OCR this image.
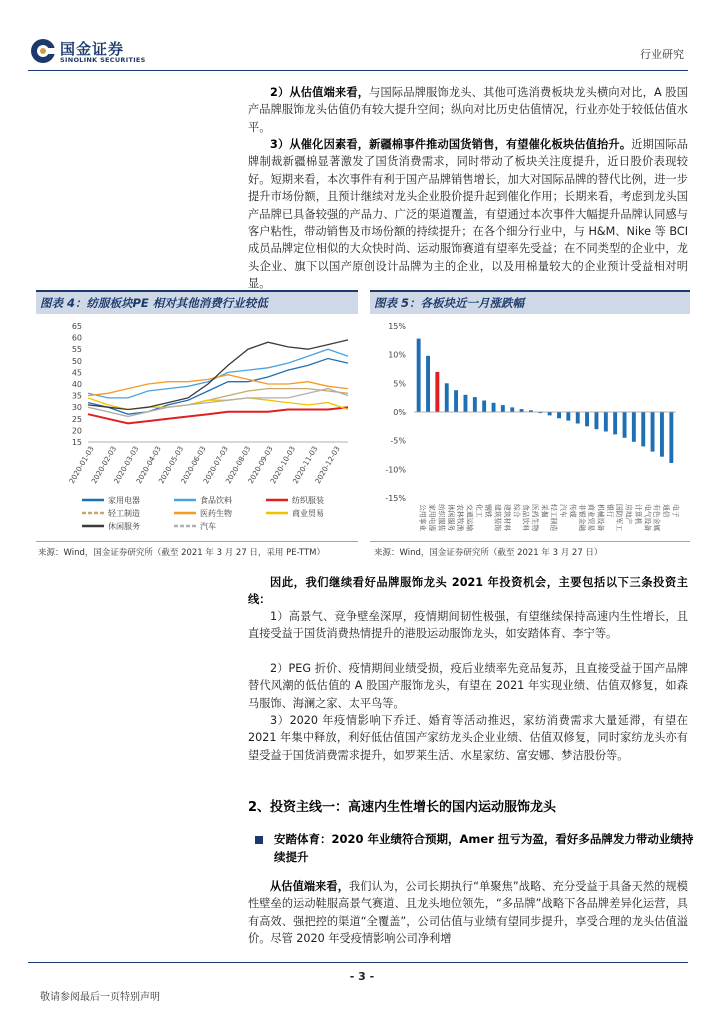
国金证券
SINOLINK SECURITIES	行业研究

2）从估值端来看，与国际品牌服饰龙头、其他可选消费板块龙头横向对比，A 股国产品牌服饰龙头估值仍有较大提升空间；纵向对比历史估值情况，行业亦处于较低估值水平。

3）从催化因素看，新疆棉事件推动国货销售，有望催化板块估值抬升。近期国际品牌制裁新疆棉显著激发了国货消费需求，同时带动了板块关注度提升，近日股价表现较好。短期来看，本次事件有利于国产品牌销售增长，加大对国际品牌的替代比例，进一步提升市场份额，且预计继续对龙头企业股价提升起到催化作用；长期来看，考虑到龙头国产品牌已具备较强的产品力、广泛的渠道覆盖，有望通过本次事件大幅提升品牌认同感与客户粘性，带动销售及市场份额的持续提升；在各个细分行业中，与 H&M、Nike 等 BCI 成员品牌定位相似的大众快时尚、运动服饰赛道有望率先受益；在不同类型的企业中，龙头企业、旗下以国产原创设计品牌为主的企业，以及用棉量较大的企业预计受益相对明显。

图表 4：纺服板块PE 相对其他消费行业较低
15
20
25
30
35
40
45
50
55
60
65
2020-01-03
2020-02-03
2020-03-03
2020-04-03
2020-05-03
2020-06-03
2020-07-03
2020-08-03
2020-09-03
2020-10-03
2020-11-03
2020-12-03
家用电器	食品饮料	纺织服装
轻工制造	医药生物	商业贸易
休闲服务	汽车
来源：Wind，国金证券研究所（截至 2021 年 3 月 27 日，采用 PE-TTM）
图表 5：各板块近一月涨跌幅
15%
10%
5%
0%
-5%
-10%
-15%
公用事业 家用电器 纺织服装 休闲服务 农林牧渔 交通运输 化工 钢铁 建筑装饰 建筑材料 综合 食品饮料 医药生物 采掘 轻工制造 汽车 传媒 非银金融 商业贸易 机械设备 银行 国防军工 房地产 计算机 电气设备 有色金属 通信 电子
来源：Wind，国金证券研究所（截至 2021 年 3 月 27 日）

因此，我们继续看好品牌服饰龙头 2021 年投资机会，主要包括以下三条投资主线：

1）高景气、竞争壁垒深厚，疫情期间韧性极强，有望继续保持高速内生性增长，且直接受益于国货消费热情提升的港股运动服饰龙头，如安踏体育、李宁等。

2）PEG 折价、疫情期间业绩受损，疫后业绩率先竞品复苏，且直接受益于国产品牌替代风潮的低估值的 A 股国产服饰龙头，有望在 2021 年实现业绩、估值双修复，如森马服饰、海澜之家、太平鸟等。

3）2020 年疫情影响下乔迁、婚育等活动推迟，家纺消费需求大量延滞，有望在 2021 年集中释放，利好低估值国产家纺龙头企业业绩、估值双修复，同时家纺龙头亦有望受益于国货消费需求提升，如罗莱生活、水星家纺、富安娜、梦洁股份等。

2、投资主线一：高速内生性增长的国内运动服饰龙头
安踏体育：2020 年业绩符合预期，Amer 扭亏为盈，看好多品牌发力带动业绩持续提升

从估值端来看，我们认为，公司长期执行“单聚焦”战略、充分受益于具备天然的规模性壁垒的运动鞋服高景气赛道、且龙头地位领先，“多品牌”战略下各品牌差异化运营，具有高效、强把控的渠道“全覆盖”，公司估值与业绩有望同步提升，享受合理的龙头估值溢价。尽管 2020 年受疫情影响公司净利增

- 3 -
敬请参阅最后一页特别声明
